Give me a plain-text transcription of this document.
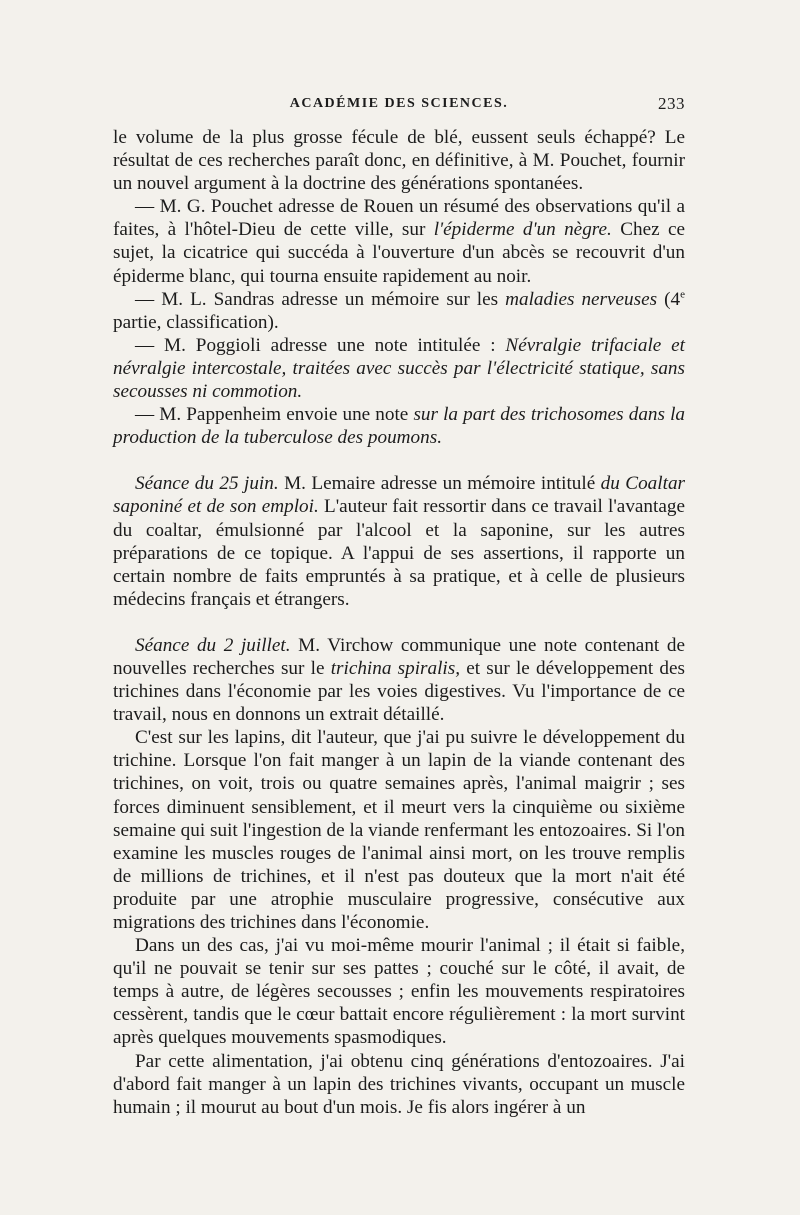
ACADÉMIE DES SCIENCES.	233

le volume de la plus grosse fécule de blé, eussent seuls échappé? Le résultat de ces recherches paraît donc, en définitive, à M. Pouchet, fournir un nouvel argument à la doctrine des générations spontanées.

— M. G. Pouchet adresse de Rouen un résumé des observations qu'il a faites, à l'hôtel-Dieu de cette ville, sur l'épiderme d'un nègre. Chez ce sujet, la cicatrice qui succéda à l'ouverture d'un abcès se recouvrit d'un épiderme blanc, qui tourna ensuite rapidement au noir.

— M. L. Sandras adresse un mémoire sur les maladies nerveuses (4e partie, classification).

— M. Poggioli adresse une note intitulée : Névralgie trifaciale et névralgie intercostale, traitées avec succès par l'électricité statique, sans secousses ni commotion.

— M. Pappenheim envoie une note sur la part des trichosomes dans la production de la tuberculose des poumons.

Séance du 25 juin. M. Lemaire adresse un mémoire intitulé du Coaltar saponiné et de son emploi. L'auteur fait ressortir dans ce travail l'avantage du coaltar, émulsionné par l'alcool et la saponine, sur les autres préparations de ce topique. A l'appui de ses assertions, il rapporte un certain nombre de faits empruntés à sa pratique, et à celle de plusieurs médecins français et étrangers.

Séance du 2 juillet. M. Virchow communique une note contenant de nouvelles recherches sur le trichina spiralis, et sur le développement des trichines dans l'économie par les voies digestives. Vu l'importance de ce travail, nous en donnons un extrait détaillé.

C'est sur les lapins, dit l'auteur, que j'ai pu suivre le développement du trichine. Lorsque l'on fait manger à un lapin de la viande contenant des trichines, on voit, trois ou quatre semaines après, l'animal maigrir ; ses forces diminuent sensiblement, et il meurt vers la cinquième ou sixième semaine qui suit l'ingestion de la viande renfermant les entozoaires. Si l'on examine les muscles rouges de l'animal ainsi mort, on les trouve remplis de millions de trichines, et il n'est pas douteux que la mort n'ait été produite par une atrophie musculaire progressive, consécutive aux migrations des trichines dans l'économie.

Dans un des cas, j'ai vu moi-même mourir l'animal ; il était si faible, qu'il ne pouvait se tenir sur ses pattes ; couché sur le côté, il avait, de temps à autre, de légères secousses ; enfin les mouvements respiratoires cessèrent, tandis que le cœur battait encore régulièrement : la mort survint après quelques mouvements spasmodiques.

Par cette alimentation, j'ai obtenu cinq générations d'entozoaires. J'ai d'abord fait manger à un lapin des trichines vivants, occupant un muscle humain ; il mourut au bout d'un mois. Je fis alors ingérer à un
